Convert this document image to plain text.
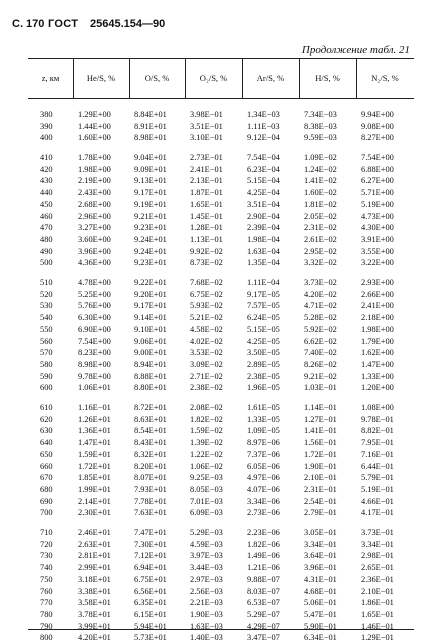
С. 170 ГОСТ 25645.154—90
Продолжение табл. 21
z, км	He/S, %	O/S, %	O₂/S, %	Ar/S, %	H/S, %	N₂/S, %
380	1.29E+00	8.84E+01	3.98E−01	1.34E−03	7.34E−03	9.94E+00
390	1.44E+00	8.91E+01	3.51E−01	1.11E−03	8.38E−03	9.08E+00
400	1.60E+00	8.98E+01	3.10E−01	9.12E−04	9.59E−03	8.27E+00
410	1.78E+00	9.04E+01	2.73E−01	7.54E−04	1.09E−02	7.54E+00
420	1.98E+00	9.09E+01	2.41E−01	6.23E−04	1.24E−02	6.88E+00
430	2.19E+00	9.13E+01	2.13E−01	5.15E−04	1.41E−02	6.27E+00
440	2.43E+00	9.17E+01	1.87E−01	4.25E−04	1.60E−02	5.71E+00
450	2.68E+00	9.19E+01	1.65E−01	3.51E−04	1.81E−02	5.19E+00
460	2.96E+00	9.21E+01	1.45E−01	2.90E−04	2.05E−02	4.73E+00
470	3.27E+00	9.23E+01	1.28E−01	2.39E−04	2.31E−02	4.30E+00
480	3.60E+00	9.24E+01	1.13E−01	1.98E−04	2.61E−02	3.91E+00
490	3.96E+00	9.24E+01	9.92E−02	1.63E−04	2.95E−02	3.55E+00
500	4.36E+00	9.23E+01	8.73E−02	1.35E−04	3.32E−02	3.22E+00
510	4.78E+00	9.22E+01	7.68E−02	1.11E−04	3.73E−02	2.93E+00
520	5.25E+00	9.20E+01	6.75E−02	9.17E−05	4.20E−02	2.66E+00
530	5.76E+00	9.17E+01	5.93E−02	7.57E−05	4.71E−02	2.41E+00
540	6.30E+00	9.14E+01	5.21E−02	6.24E−05	5.28E−02	2.18E+00
550	6.90E+00	9.10E+01	4.58E−02	5.15E−05	5.92E−02	1.98E+00
560	7.54E+00	9.06E+01	4.02E−02	4.25E−05	6.62E−02	1.79E+00
570	8.23E+00	9.00E+01	3.53E−02	3.50E−05	7.40E−02	1.62E+00
580	8.98E+00	8.94E+01	3.09E−02	2.89E−05	8.26E−02	1.47E+00
590	9.78E+00	8.88E+01	2.71E−02	2.38E−05	9.21E−02	1.33E+00
600	1.06E+01	8.80E+01	2.38E−02	1.96E−05	1.03E−01	1.20E+00
610	1.16E−01	8.72E+01	2.08E−02	1.61E−05	1.14E−01	1.08E+00
620	1.26E+01	8.63E+01	1.82E−02	1.33E−05	1.27E−01	9.78E−01
630	1.36E+01	8.54E+01	1.59E−02	1.09E−05	1.41E−01	8.82E−01
640	1.47E+01	8.43E+01	1.39E−02	8.97E−06	1.56E−01	7.95E−01
650	1.59E+01	8.32E+01	1.22E−02	7.37E−06	1.72E−01	7.16E−01
660	1.72E+01	8.20E+01	1.06E−02	6.05E−06	1.90E−01	6.44E−01
670	1.85E+01	8.07E+01	9.25E−03	4.97E−06	2.10E−01	5.79E−01
680	1.99E+01	7.93E+01	8.05E−03	4.07E−06	2.31E−01	5.19E−01
690	2.14E+01	7.78E+01	7.01E−03	3.34E−06	2.54E−01	4.66E−01
700	2.30E+01	7.63E+01	6.09E−03	2.73E−06	2.79E−01	4.17E−01
710	2.46E+01	7.47E+01	5.29E−03	2.23E−06	3.05E−01	3.73E−01
720	2.63E+01	7.30E+01	4.59E−03	1.82E−06	3.34E−01	3.34E−01
730	2.81E+01	7.12E+01	3.97E−03	1.49E−06	3.64E−01	2.98E−01
740	2.99E+01	6.94E+01	3.44E−03	1.21E−06	3.96E−01	2.65E−01
750	3.18E+01	6.75E+01	2.97E−03	9.88E−07	4.31E−01	2.36E−01
760	3.38E+01	6.56E+01	2.56E−03	8.03E−07	4.68E−01	2.10E−01
770	3.58E+01	6.35E+01	2.21E−03	6.53E−07	5.06E−01	1.86E−01
780	3.78E+01	6.15E+01	1.90E−03	5.29E−07	5.47E−01	1.65E−01
790	3.99E+01	5.94E+01	1.63E−03	4.29E−07	5.90E−01	1.46E−01
800	4.20E+01	5.73E+01	1.40E−03	3.47E−07	6.34E−01	1.29E−01
